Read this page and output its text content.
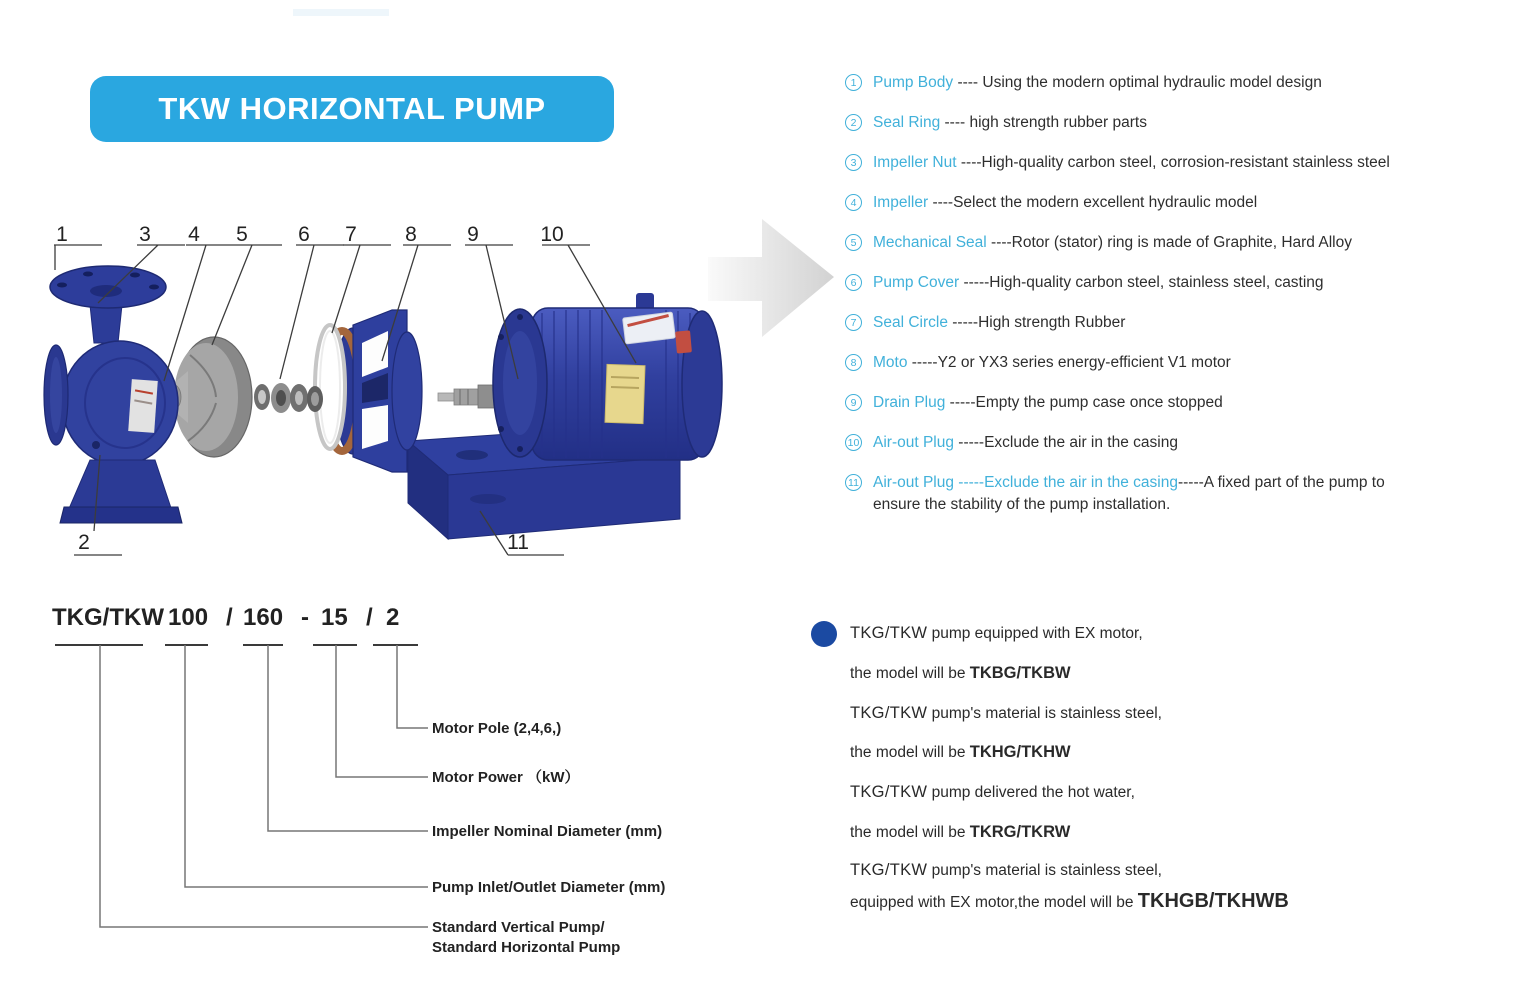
TKW HORIZONTAL PUMP
1	3 4 5 6 7 8 9	10
2	11
1	Pump Body ---- Using the modern optimal hydraulic model design
2	Seal Ring ---- high strength rubber parts
3	Impeller Nut ----High-quality carbon steel, corrosion-resistant stainless steel
4	Impeller ----Select the modern excellent hydraulic model
5	Mechanical Seal ----Rotor (stator) ring is made of Graphite, Hard Alloy
6	Pump Cover -----High-quality carbon steel, stainless steel, casting
7	Seal Circle -----High strength Rubber
8	Moto -----Y2 or YX3 series energy-efficient V1 motor
9	Drain Plug -----Empty the pump case once stopped
10 Air-out Plug -----Exclude the air in the casing
11 Air-out Plug -----Exclude the air in the casing-----A fixed part of the pump to
ensure the stability of the pump installation.
TKG/TKW 100 / 160 - 15 / 2
Motor Pole (2,4,6,)
Motor Power （kW）
Impeller Nominal Diameter (mm)
Pump Inlet/Outlet Diameter (mm)
Standard Vertical Pump/
Standard Horizontal Pump
TKG/TKW pump equipped with EX motor,
the model will be TKBG/TKBW
TKG/TKW pump's material is stainless steel,
the model will be TKHG/TKHW
TKG/TKW pump delivered the hot water,
the model will be TKRG/TKRW
TKG/TKW pump's material is stainless steel,
equipped with EX motor,the model will be TKHGB/TKHWB
